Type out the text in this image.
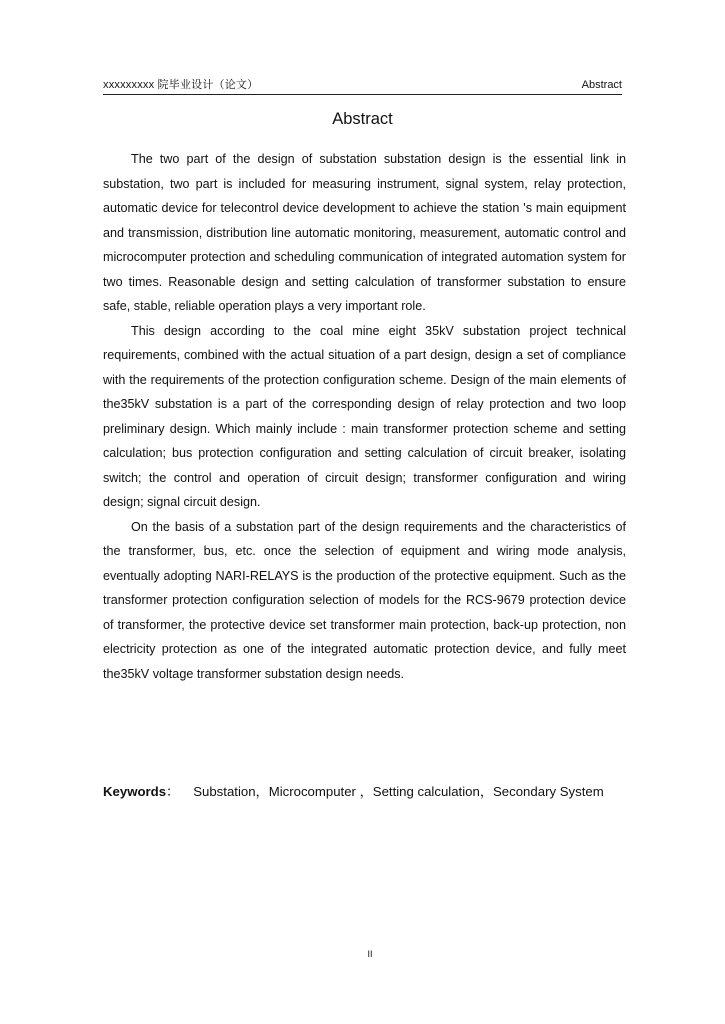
xxxxxxxxx 院毕业设计（论文）	Abstract
Abstract

The two part of the design of substation substation design is the essential link in substation, two part is included for measuring instrument, signal system, relay protection, automatic device for telecontrol device development to achieve the station 's main equipment and transmission, distribution line automatic monitoring, measurement, automatic control and microcomputer protection and scheduling communication of integrated automation system for two times. Reasonable design and setting calculation of transformer substation to ensure safe, stable, reliable operation plays a very important role.

This design according to the coal mine eight 35kV substation project technical requirements, combined with the actual situation of a part design, design a set of compliance with the requirements of the protection configuration scheme. Design of the main elements of the35kV substation is a part of the corresponding design of relay protection and two loop preliminary design. Which mainly include : main transformer protection scheme and setting calculation; bus protection configuration and setting calculation of circuit breaker, isolating switch; the control and operation of circuit design; transformer configuration and wiring design; signal circuit design.

On the basis of a substation part of the design requirements and the characteristics of the transformer, bus, etc. once the selection of equipment and wiring mode analysis, eventually adopting NARI-RELAYS is the production of the protective equipment. Such as the transformer protection configuration selection of models for the RCS-9679 protection device of transformer, the protective device set transformer main protection, back-up protection, non electricity protection as one of the integrated automatic protection device, and fully meet the35kV voltage transformer substation design needs.

Keywords： Substation，Microcomputer ，Setting calculation，Secondary System
II
